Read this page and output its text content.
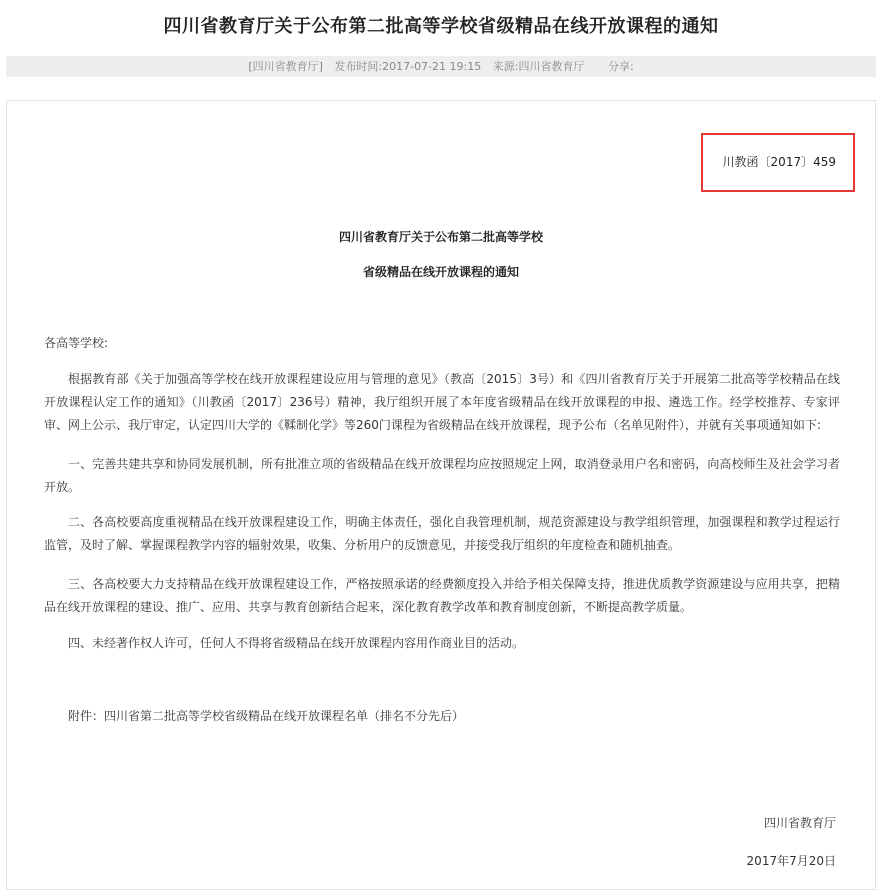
四川省教育厅关于公布第二批高等学校省级精品在线开放课程的通知
[四川省教育厅] 发布时间:2017-07-21 19:15 来源:四川省教育厅 分享:
川教函〔2017〕459
四川省教育厅关于公布第二批高等学校
省级精品在线开放课程的通知
各高等学校:
根据教育部《关于加强高等学校在线开放课程建设应用与管理的意见》（教高〔2015〕3号）和《四川省教育厅关于开展第二批高等学校精品在线开放课程认定工作的通知》（川教函〔2017〕236号）精神，我厅组织开展了本年度省级精品在线开放课程的申报、遴选工作。经学校推荐、专家评审、网上公示、我厅审定，认定四川大学的《鞣制化学》等260门课程为省级精品在线开放课程，现予公布（名单见附件），并就有关事项通知如下:
一、完善共建共享和协同发展机制，所有批准立项的省级精品在线开放课程均应按照规定上网，取消登录用户名和密码，向高校师生及社会学习者开放。
二、各高校要高度重视精品在线开放课程建设工作，明确主体责任，强化自我管理机制，规范资源建设与教学组织管理，加强课程和教学过程运行监管，及时了解、掌握课程教学内容的辐射效果，收集、分析用户的反馈意见，并接受我厅组织的年度检查和随机抽查。
三、各高校要大力支持精品在线开放课程建设工作，严格按照承诺的经费额度投入并给予相关保障支持，推进优质教学资源建设与应用共享，把精品在线开放课程的建设、推广、应用、共享与教育创新结合起来，深化教育教学改革和教育制度创新，不断提高教学质量。
四、未经著作权人许可，任何人不得将省级精品在线开放课程内容用作商业目的活动。
附件：四川省第二批高等学校省级精品在线开放课程名单（排名不分先后）
四川省教育厅
2017年7月20日
